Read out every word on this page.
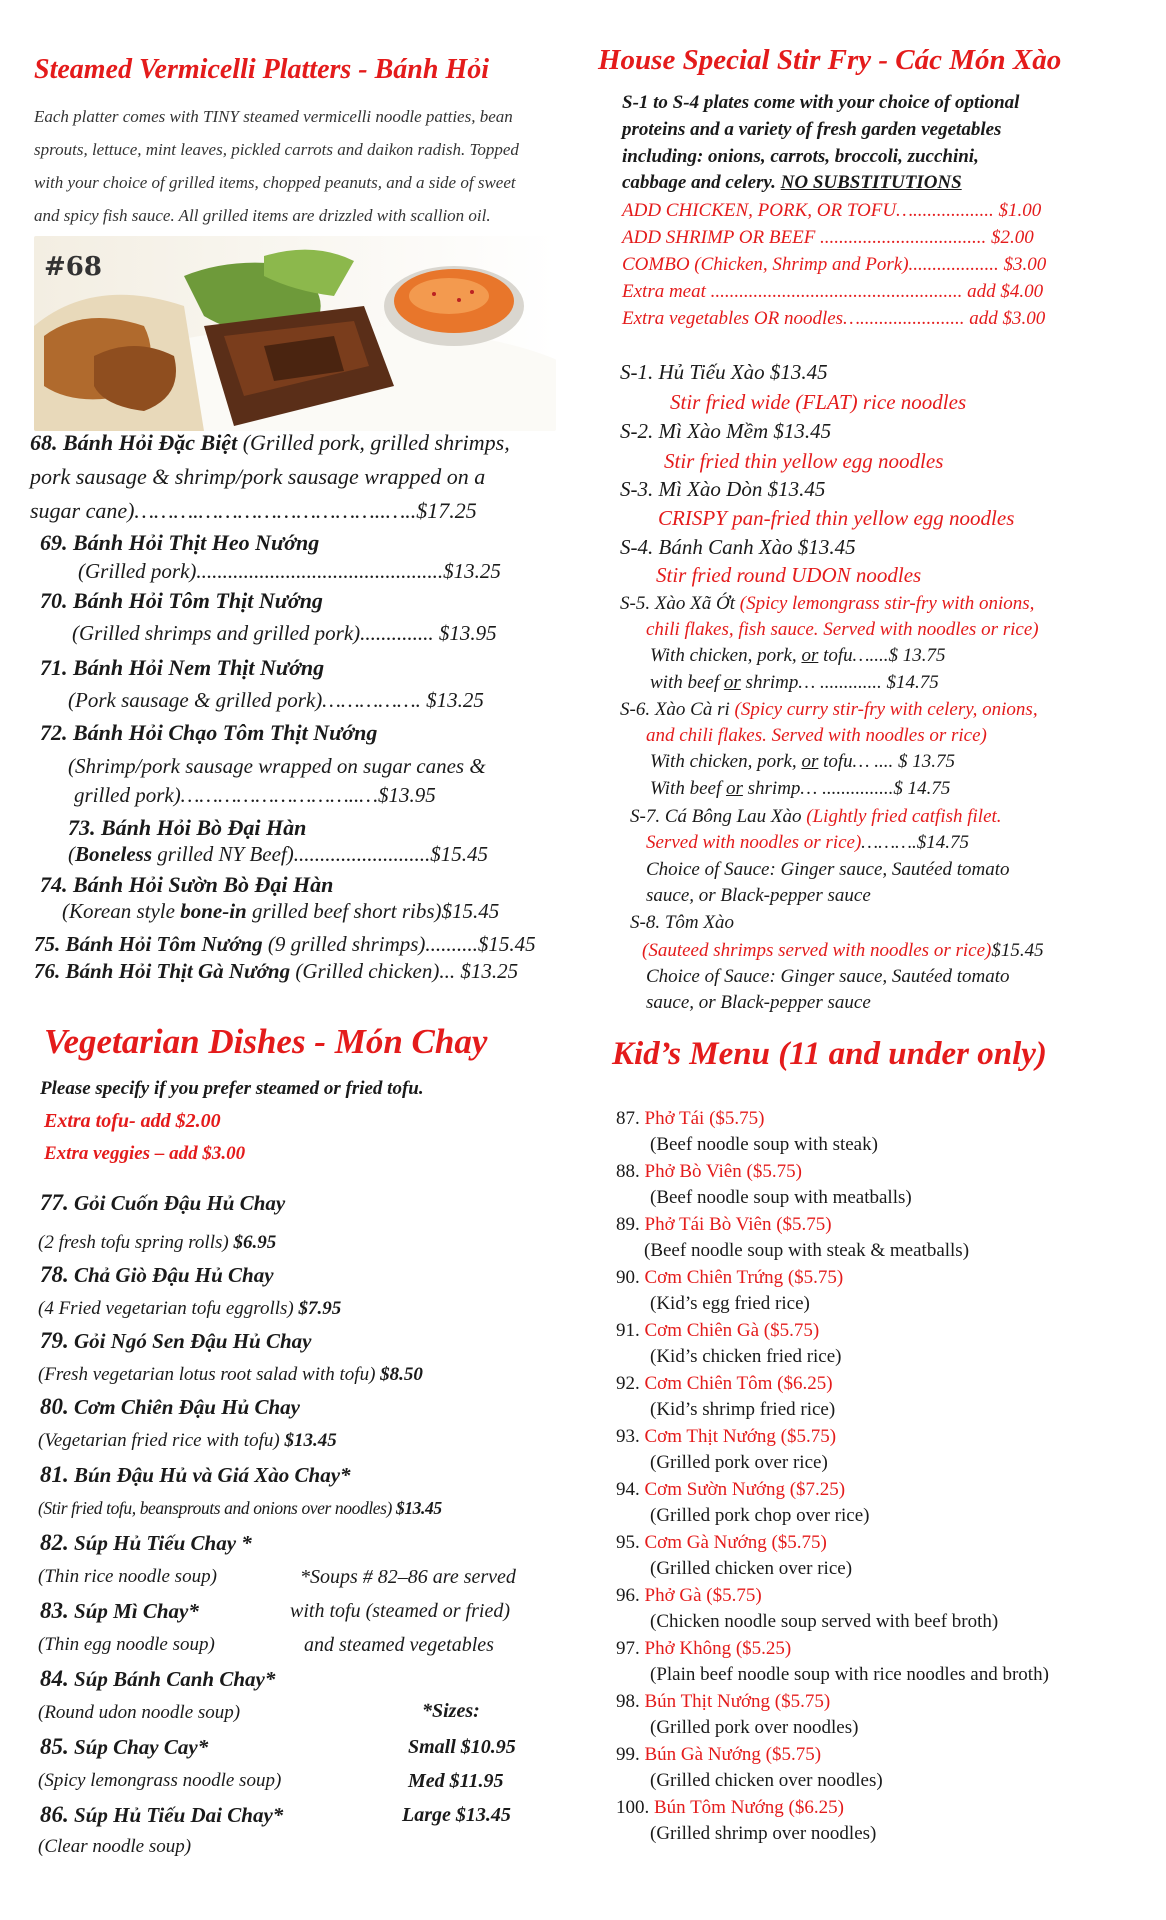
Steamed Vermicelli Platters - Bánh Hỏi
Each platter comes with TINY steamed vermicelli noodle patties, bean
sprouts, lettuce, mint leaves, pickled carrots and daikon radish. Topped
with your choice of grilled items, chopped peanuts, and a side of sweet
and spicy fish sauce. All grilled items are drizzled with scallion oil.
#68
68. Bánh Hỏi Đặc Biệt (Grilled pork, grilled shrimps,
pork sausage & shrimp/pork sausage wrapped on a
sugar cane)……….………………………..…..$17.25
69. Bánh Hỏi Thịt Heo Nướng
(Grilled pork)...............................................$13.25
70. Bánh Hỏi Tôm Thịt Nướng
(Grilled shrimps and grilled pork).............. $13.95
71. Bánh Hỏi Nem Thịt Nướng
(Pork sausage & grilled pork)……………. $13.25
72. Bánh Hỏi Chạo Tôm Thịt Nướng
(Shrimp/pork sausage wrapped on sugar canes &
grilled pork)………………………..…$13.95
73. Bánh Hỏi Bò Đại Hàn
(Boneless grilled NY Beef)..........................$15.45
74. Bánh Hỏi Sườn Bò Đại Hàn
(Korean style bone-in grilled beef short ribs)$15.45
75. Bánh Hỏi Tôm Nướng (9 grilled shrimps)..........$15.45
76. Bánh Hỏi Thịt Gà Nướng (Grilled chicken)... $13.25
Vegetarian Dishes - Món Chay
Please specify if you prefer steamed or fried tofu.
Extra tofu- add $2.00
Extra veggies – add $3.00
77. Gỏi Cuốn Đậu Hủ Chay
(2 fresh tofu spring rolls) $6.95
78. Chả Giò Đậu Hủ Chay
(4 Fried vegetarian tofu eggrolls) $7.95
79. Gỏi Ngó Sen Đậu Hủ Chay
(Fresh vegetarian lotus root salad with tofu) $8.50
80. Cơm Chiên Đậu Hủ Chay
(Vegetarian fried rice with tofu) $13.45
81. Bún Đậu Hủ và Giá Xào Chay*
(Stir fried tofu, beansprouts and onions over noodles) $13.45
82. Súp Hủ Tiếu Chay *
(Thin rice noodle soup)
83. Súp Mì Chay*
(Thin egg noodle soup)
84. Súp Bánh Canh Chay*
(Round udon noodle soup)
85. Súp Chay Cay*
(Spicy lemongrass noodle soup)
86. Súp Hủ Tiếu Dai Chay*
(Clear noodle soup)
*Soups # 82–86 are served
with tofu (steamed or fried)
and steamed vegetables
*Sizes:
Small $10.95
Med $11.95
Large $13.45
House Special Stir Fry - Các Món Xào
S-1 to S-4 plates come with your choice of optional
proteins and a variety of fresh garden vegetables
including: onions, carrots, broccoli, zucchini,
cabbage and celery. NO SUBSTITUTIONS
ADD CHICKEN, PORK, OR TOFU…................. $1.00
ADD SHRIMP OR BEEF ................................... $2.00
COMBO (Chicken, Shrimp and Pork)................... $3.00
Extra meat ..................................................... add $4.00
Extra vegetables OR noodles…...................... add $3.00
S-1. Hủ Tiếu Xào $13.45
Stir fried wide (FLAT) rice noodles
S-2. Mì Xào Mềm $13.45
Stir fried thin yellow egg noodles
S-3. Mì Xào Dòn $13.45
CRISPY pan-fried thin yellow egg noodles
S-4. Bánh Canh Xào $13.45
Stir fried round UDON noodles
S-5. Xào Xã Ớt (Spicy lemongrass stir-fry with onions,
chili flakes, fish sauce. Served with noodles or rice)
With chicken, pork, or tofu…....$ 13.75
with beef or shrimp… ............. $14.75
S-6. Xào Cà ri (Spicy curry stir-fry with celery, onions,
and chili flakes. Served with noodles or rice)
With chicken, pork, or tofu… .... $ 13.75
With beef or shrimp… ...............$ 14.75
S-7. Cá Bông Lau Xào (Lightly fried catfish filet.
Served with noodles or rice)……….$14.75
Choice of Sauce: Ginger sauce, Sautéed tomato
sauce, or Black-pepper sauce
S-8. Tôm Xào
(Sauteed shrimps served with noodles or rice)$15.45
Choice of Sauce: Ginger sauce, Sautéed tomato
sauce, or Black-pepper sauce
Kid’s Menu (11 and under only)
87. Phở Tái ($5.75)
(Beef noodle soup with steak)
88. Phở Bò Viên ($5.75)
(Beef noodle soup with meatballs)
89. Phở Tái Bò Viên ($5.75)
(Beef noodle soup with steak & meatballs)
90. Cơm Chiên Trứng ($5.75)
(Kid’s egg fried rice)
91. Cơm Chiên Gà ($5.75)
(Kid’s chicken fried rice)
92. Cơm Chiên Tôm ($6.25)
(Kid’s shrimp fried rice)
93. Cơm Thịt Nướng ($5.75)
(Grilled pork over rice)
94. Cơm Sườn Nướng ($7.25)
(Grilled pork chop over rice)
95. Cơm Gà Nướng ($5.75)
(Grilled chicken over rice)
96. Phở Gà ($5.75)
(Chicken noodle soup served with beef broth)
97. Phở Không ($5.25)
(Plain beef noodle soup with rice noodles and broth)
98. Bún Thịt Nướng ($5.75)
(Grilled pork over noodles)
99. Bún Gà Nướng ($5.75)
(Grilled chicken over noodles)
100. Bún Tôm Nướng ($6.25)
(Grilled shrimp over noodles)
